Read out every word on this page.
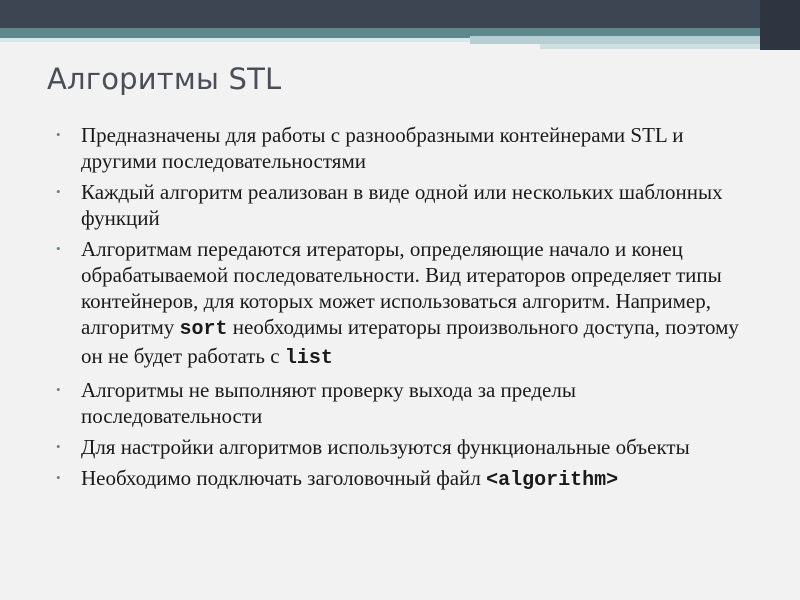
Алгоритмы STL
• Предназначены для работы с разнообразными контейнерами STL и другими последовательностями
• Каждый алгоритм реализован в виде одной или нескольких шаблонных функций
• Алгоритмам передаются итераторы, определяющие начало и конец обрабатываемой последовательности. Вид итераторов определяет типы контейнеров, для которых может использоваться алгоритм. Например, алгоритму sort необходимы итераторы произвольного доступа, поэтому он не будет работать с list
• Алгоритмы не выполняют проверку выхода за пределы последовательности
• Для настройки алгоритмов используются функциональные объекты
• Необходимо подключать заголовочный файл <algorithm>
